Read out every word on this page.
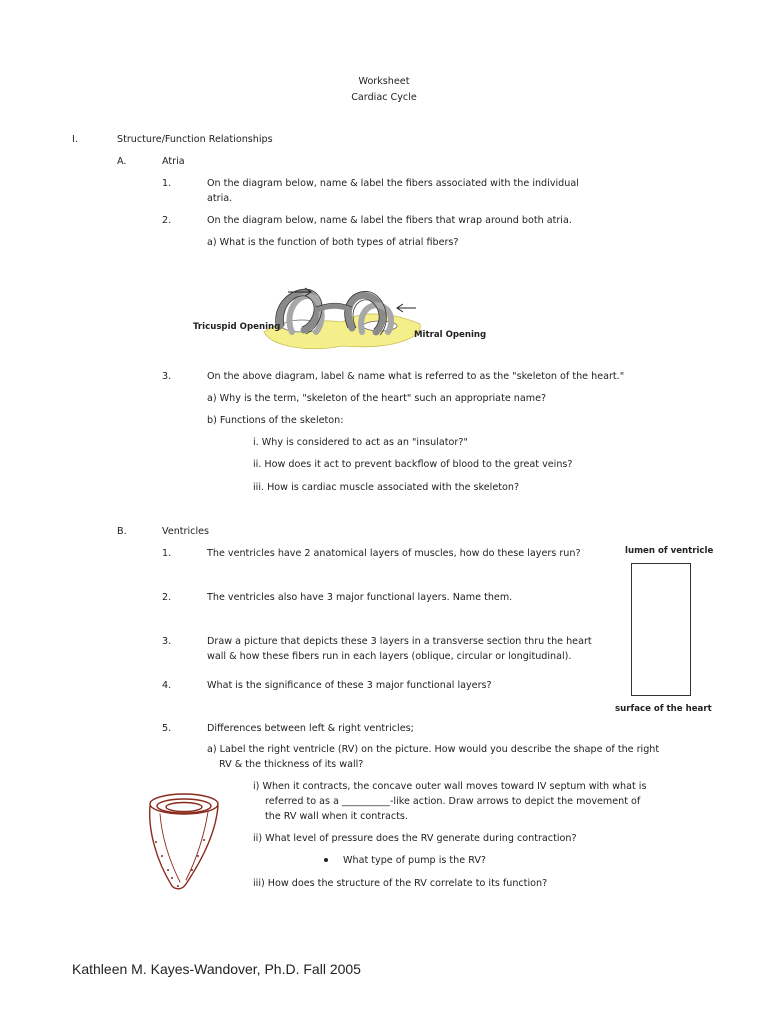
Worksheet
Cardiac Cycle
I.	Structure/Function Relationships
A.	Atria
1.	On the diagram below, name & label the fibers associated with the individual
atria.
2.	On the diagram below, name & label the fibers that wrap around both atria.
a) What is the function of both types of atrial fibers?
Tricuspid Opening
Mitral Opening
3.	On the above diagram, label & name what is referred to as the "skeleton of the heart."
a) Why is the term, "skeleton of the heart" such an appropriate name?
b) Functions of the skeleton:
i. Why is considered to act as an "insulator?"
ii. How does it act to prevent backflow of blood to the great veins?
iii. How is cardiac muscle associated with the skeleton?
B.	Ventricles
1.	The ventricles have 2 anatomical layers of muscles, how do these layers run?
2.	The ventricles also have 3 major functional layers. Name them.
3.	Draw a picture that depicts these 3 layers in a transverse section thru the heart
wall & how these fibers run in each layers (oblique, circular or longitudinal).
4.	What is the significance of these 3 major functional layers?
lumen of ventricle
surface of the heart
5.	Differences between left & right ventricles;
a) Label the right ventricle (RV) on the picture. How would you describe the shape of the right
RV & the thickness of its wall?
i) When it contracts, the concave outer wall moves toward IV septum with what is
referred to as a __________-like action. Draw arrows to depict the movement of
the RV wall when it contracts.
ii) What level of pressure does the RV generate during contraction?
What type of pump is the RV?
iii) How does the structure of the RV correlate to its function?
Kathleen M. Kayes-Wandover, Ph.D. Fall 2005
